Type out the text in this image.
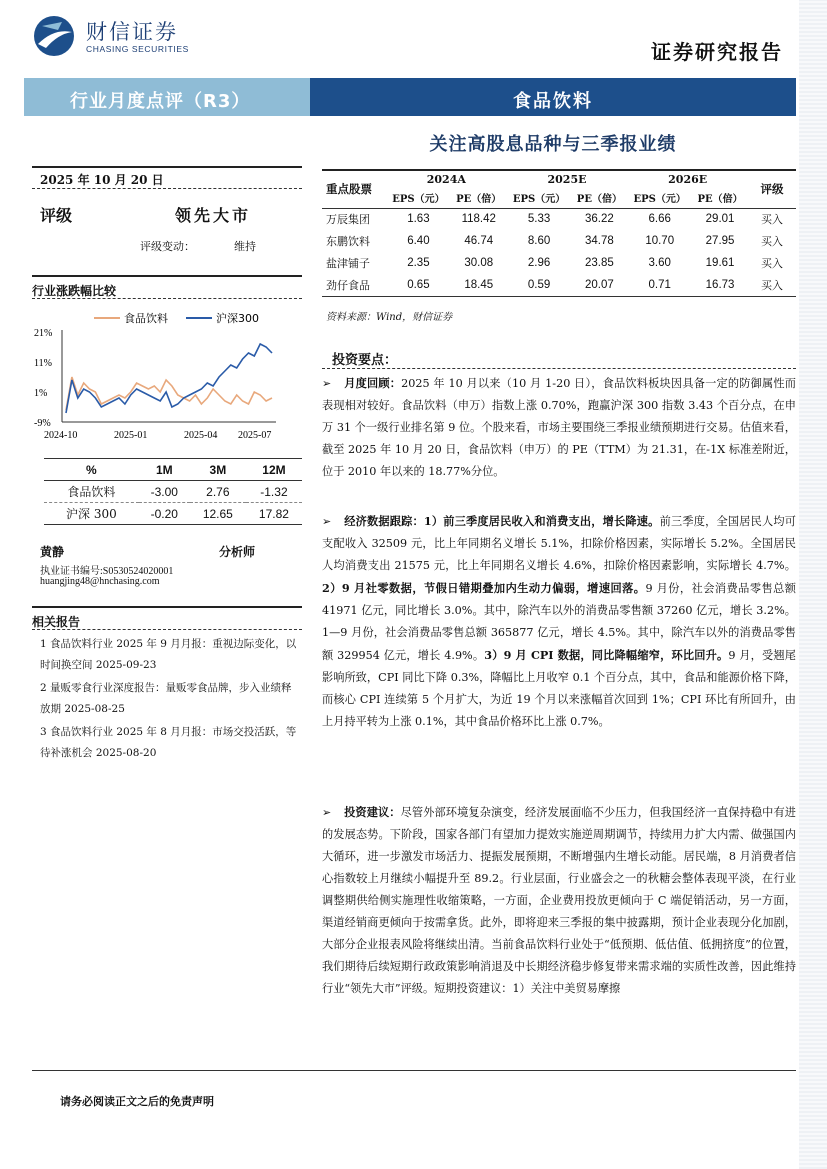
财信证券
CHASING SECURITIES	证券研究报告
行业月度点评（R3）	食品饮料
关注高股息品种与三季报业绩
2025 年 10 月 20 日
评级	领先大市
评级变动：	维持
行业涨跌幅比较
食品饮料	沪深300
21%
11%
1%
-9%
2024-10	2025-01	2025-04 2025-07
%	1M	3M	12M
食品饮料	-3.00	2.76	-1.32
沪深 300	-0.20	12.65	17.82
黄静	分析师
执业证书编号:S0530524020001
huangjing48@hnchasing.com
相关报告
1 食品饮料行业 2025 年 9 月月报：重视边际变化，以时间换空间 2025-09-23
2 量贩零食行业深度报告：量贩零食品牌，步入业绩释放期 2025-08-25
3 食品饮料行业 2025 年 8 月月报：市场交投活跃，等待补涨机会 2025-08-20
重点股票	2024A		2025E		2026E		评级
	EPS（元）	PE（倍）	EPS（元）	PE（倍）	EPS（元）	PE（倍）	
万辰集团	1.63	118.42	5.33	36.22	6.66	29.01	买入
东鹏饮料	6.40	46.74	8.60	34.78	10.70	27.95	买入
盐津铺子	2.35	30.08	2.96	23.85	3.60	19.61	买入
劲仔食品	0.65	18.45	0.59	20.07	0.71	16.73	买入
资料来源：Wind，财信证券
投资要点：
➢ 月度回顾：2025 年 10 月以来（10 月 1-20 日），食品饮料板块因具备一定的防御属性而表现相对较好。食品饮料（申万）指数上涨 0.70%，跑赢沪深 300 指数 3.43 个百分点，在申万 31 个一级行业排名第 9 位。个股来看，市场主要围绕三季报业绩预期进行交易。估值来看，截至 2025 年 10 月 20 日，食品饮料（申万）的 PE（TTM）为 21.31，在-1X 标准差附近，位于 2010 年以来的 18.77%分位。
➢ 经济数据跟踪：1）前三季度居民收入和消费支出，增长降速。前三季度，全国居民人均可支配收入 32509 元，比上年同期名义增长 5.1%，扣除价格因素，实际增长 5.2%。全国居民人均消费支出 21575 元，比上年同期名义增长 4.6%，扣除价格因素影响，实际增长 4.7%。2）9 月社零数据，节假日错期叠加内生动力偏弱，增速回落。9 月份，社会消费品零售总额 41971 亿元，同比增长 3.0%。其中，除汽车以外的消费品零售额 37260 亿元，增长 3.2%。1—9 月份，社会消费品零售总额 365877 亿元，增长 4.5%。其中，除汽车以外的消费品零售额 329954 亿元，增长 4.9%。3）9 月 CPI 数据，同比降幅缩窄，环比回升。9 月，受翘尾影响所致，CPI 同比下降 0.3%，降幅比上月收窄 0.1 个百分点，其中，食品和能源价格下降，而核心 CPI 连续第 5 个月扩大，为近 19 个月以来涨幅首次回到 1%；CPI 环比有所回升，由上月持平转为上涨 0.1%，其中食品价格环比上涨 0.7%。
➢ 投资建议：尽管外部环境复杂演变，经济发展面临不少压力，但我国经济一直保持稳中有进的发展态势。下阶段，国家各部门有望加力提效实施逆周期调节，持续用力扩大内需、做强国内大循环，进一步激发市场活力、提振发展预期，不断增强内生增长动能。居民端，8 月消费者信心指数较上月继续小幅提升至 89.2。行业层面，行业盛会之一的秋糖会整体表现平淡，在行业调整期供给侧实施理性收缩策略，一方面，企业费用投放更倾向于 C 端促销活动，另一方面，渠道经销商更倾向于按需拿货。此外，即将迎来三季报的集中披露期，预计企业表现分化加剧，大部分企业报表风险将继续出清。当前食品饮料行业处于“低预期、低估值、低拥挤度”的位置，我们期待后续短期行政政策影响消退及中长期经济稳步修复带来需求端的实质性改善，因此维持行业“领先大市”评级。短期投资建议：1）关注中美贸易摩擦
请务必阅读正文之后的免责声明
